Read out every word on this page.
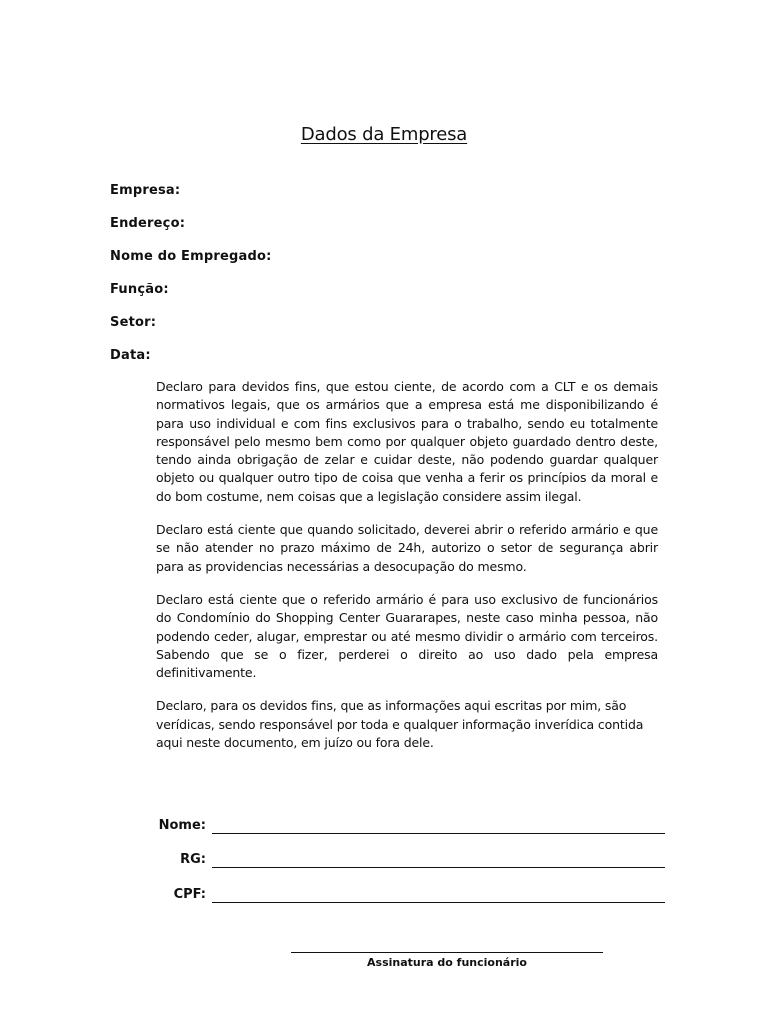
Dados da Empresa
Empresa:
Endereço:
Nome do Empregado:
Função:
Setor:
Data:

Declaro para devidos fins, que estou ciente, de acordo com a CLT e os demais normativos legais, que os armários que a empresa está me disponibilizando é para uso individual e com fins exclusivos para o trabalho, sendo eu totalmente responsável pelo mesmo bem como por qualquer objeto guardado dentro deste, tendo ainda obrigação de zelar e cuidar deste, não podendo guardar qualquer objeto ou qualquer outro tipo de coisa que venha a ferir os princípios da moral e do bom costume, nem coisas que a legislação considere assim ilegal.

Declaro está ciente que quando solicitado, deverei abrir o referido armário e que se não atender no prazo máximo de 24h, autorizo o setor de segurança abrir para as providencias necessárias a desocupação do mesmo.

Declaro está ciente que o referido armário é para uso exclusivo de funcionários do Condomínio do Shopping Center Guararapes, neste caso minha pessoa, não podendo ceder, alugar, emprestar ou até mesmo dividir o armário com terceiros. Sabendo que se o fizer, perderei o direito ao uso dado pela empresa definitivamente.

Declaro, para os devidos fins, que as informações aqui escritas por mim, são verídicas, sendo responsável por toda e qualquer informação inverídica contida aqui neste documento, em juízo ou fora dele.

Nome:
RG:
CPF:
Assinatura do funcionário
